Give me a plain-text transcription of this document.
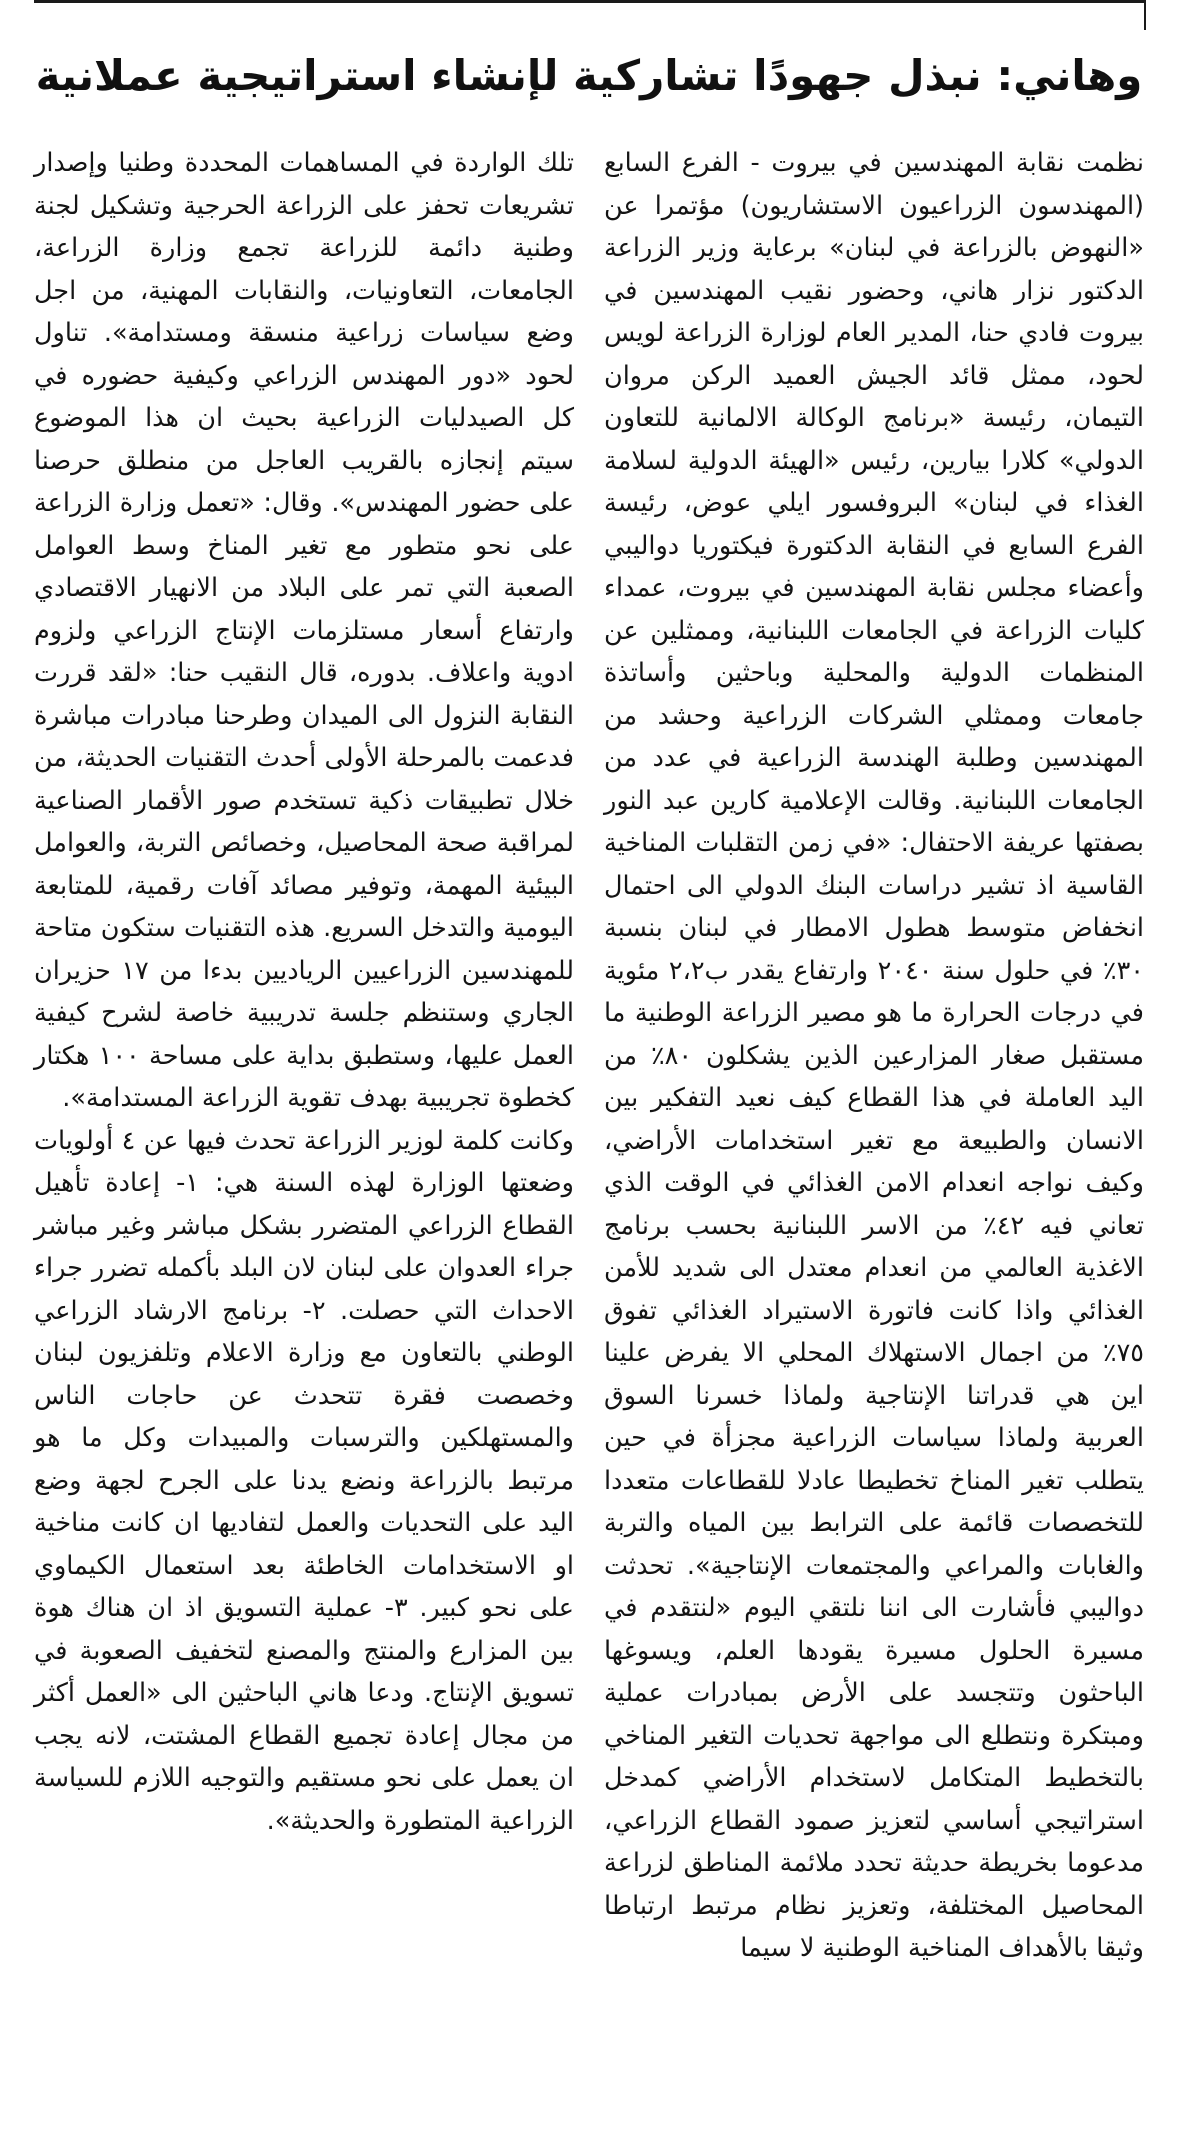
وهاني: نبذل جهودًا تشاركية لإنشاء استراتيجية عملانية

نظمت نقابة المهندسين في بيروت - الفرع السابع (المهندسون الزراعيون الاستشاريون) مؤتمرا عن «النهوض بالزراعة في لبنان» برعاية وزير الزراعة الدكتور نزار هاني، وحضور نقيب المهندسين في بيروت فادي حنا، المدير العام لوزارة الزراعة لويس لحود، ممثل قائد الجيش العميد الركن مروان التيمان، رئيسة «برنامج الوكالة الالمانية للتعاون الدولي» كلارا بيارين، رئيس «الهيئة الدولية لسلامة الغذاء في لبنان» البروفسور ايلي عوض، رئيسة الفرع السابع في النقابة الدكتورة فيكتوريا دواليبي وأعضاء مجلس نقابة المهندسين في بيروت، عمداء كليات الزراعة في الجامعات اللبنانية، وممثلين عن المنظمات الدولية والمحلية وباحثين وأساتذة جامعات وممثلي الشركات الزراعية وحشد من المهندسين وطلبة الهندسة الزراعية في عدد من الجامعات اللبنانية. وقالت الإعلامية كارين عبد النور بصفتها عريفة الاحتفال: «في زمن التقلبات المناخية القاسية اذ تشير دراسات البنك الدولي الى احتمال انخفاض متوسط هطول الامطار في لبنان بنسبة ٣٠٪ في حلول سنة ٢٠٤٠ وارتفاع يقدر ب٢،٢ مئوية في درجات الحرارة ما هو مصير الزراعة الوطنية ما مستقبل صغار المزارعين الذين يشكلون ٨٠٪ من اليد العاملة في هذا القطاع كيف نعيد التفكير بين الانسان والطبيعة مع تغير استخدامات الأراضي، وكيف نواجه انعدام الامن الغذائي في الوقت الذي تعاني فيه ٤٢٪ من الاسر اللبنانية بحسب برنامج الاغذية العالمي من انعدام معتدل الى شديد للأمن الغذائي واذا كانت فاتورة الاستيراد الغذائي تفوق ٧٥٪ من اجمال الاستهلاك المحلي الا يفرض علينا اين هي قدراتنا الإنتاجية ولماذا خسرنا السوق العربية ولماذا سياسات الزراعية مجزأة في حين يتطلب تغير المناخ تخطيطا عادلا للقطاعات متعددا للتخصصات قائمة على الترابط بين المياه والتربة والغابات والمراعي والمجتمعات الإنتاجية». تحدثت دواليبي فأشارت الى اننا نلتقي اليوم «لنتقدم في مسيرة الحلول مسيرة يقودها العلم، ويسوغها الباحثون وتتجسد على الأرض بمبادرات عملية ومبتكرة ونتطلع الى مواجهة تحديات التغير المناخي بالتخطيط المتكامل لاستخدام الأراضي كمدخل استراتيجي أساسي لتعزيز صمود القطاع الزراعي، مدعوما بخريطة حديثة تحدد ملائمة المناطق لزراعة المحاصيل المختلفة، وتعزيز نظام مرتبط ارتباطا وثيقا بالأهداف المناخية الوطنية لا سيما

تلك الواردة في المساهمات المحددة وطنيا وإصدار تشريعات تحفز على الزراعة الحرجية وتشكيل لجنة وطنية دائمة للزراعة تجمع وزارة الزراعة، الجامعات، التعاونيات، والنقابات المهنية، من اجل وضع سياسات زراعية منسقة ومستدامة». تناول لحود «دور المهندس الزراعي وكيفية حضوره في كل الصيدليات الزراعية بحيث ان هذا الموضوع سيتم إنجازه بالقريب العاجل من منطلق حرصنا على حضور المهندس». وقال: «تعمل وزارة الزراعة على نحو متطور مع تغير المناخ وسط العوامل الصعبة التي تمر على البلاد من الانهيار الاقتصادي وارتفاع أسعار مستلزمات الإنتاج الزراعي ولزوم ادوية واعلاف. بدوره، قال النقيب حنا: «لقد قررت النقابة النزول الى الميدان وطرحنا مبادرات مباشرة فدعمت بالمرحلة الأولى أحدث التقنيات الحديثة، من خلال تطبيقات ذكية تستخدم صور الأقمار الصناعية لمراقبة صحة المحاصيل، وخصائص التربة، والعوامل البيئية المهمة، وتوفير مصائد آفات رقمية، للمتابعة اليومية والتدخل السريع. هذه التقنيات ستكون متاحة للمهندسين الزراعيين الرياديين بدءا من ١٧ حزيران الجاري وستنظم جلسة تدريبية خاصة لشرح كيفية العمل عليها، وستطبق بداية على مساحة ١٠٠ هكتار كخطوة تجريبية بهدف تقوية الزراعة المستدامة».

وكانت كلمة لوزير الزراعة تحدث فيها عن ٤ أولويات وضعتها الوزارة لهذه السنة هي: ١- إعادة تأهيل القطاع الزراعي المتضرر بشكل مباشر وغير مباشر جراء العدوان على لبنان لان البلد بأكمله تضرر جراء الاحداث التي حصلت. ٢- برنامج الارشاد الزراعي الوطني بالتعاون مع وزارة الاعلام وتلفزيون لبنان وخصصت فقرة تتحدث عن حاجات الناس والمستهلكين والترسبات والمبيدات وكل ما هو مرتبط بالزراعة ونضع يدنا على الجرح لجهة وضع اليد على التحديات والعمل لتفاديها ان كانت مناخية او الاستخدامات الخاطئة بعد استعمال الكيماوي على نحو كبير. ٣- عملية التسويق اذ ان هناك هوة بين المزارع والمنتج والمصنع لتخفيف الصعوبة في تسويق الإنتاج. ودعا هاني الباحثين الى «العمل أكثر من مجال إعادة تجميع القطاع المشتت، لانه يجب ان يعمل على نحو مستقيم والتوجيه اللازم للسياسة الزراعية المتطورة والحديثة».
